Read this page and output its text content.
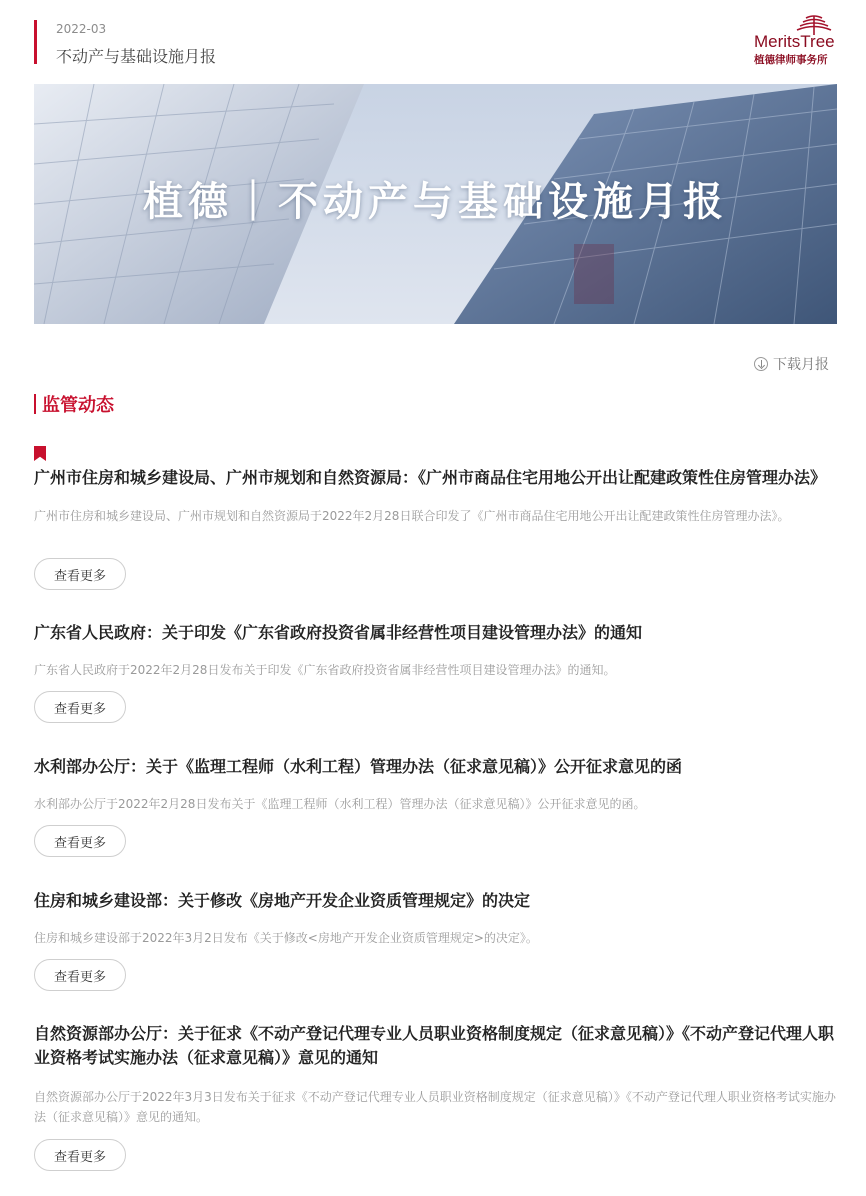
2022-03
不动产与基础设施月报
MeritsTree
植德律师事务所
植德｜不动产与基础设施月报
下载月报
监管动态
广州市住房和城乡建设局、广州市规划和自然资源局：《广州市商品住宅用地公开出让配建政策性住房管理办法》
广州市住房和城乡建设局、广州市规划和自然资源局于2022年2月28日联合印发了《广州市商品住宅用地公开出让配建政策性住房管理办法》。
查看更多
广东省人民政府：关于印发《广东省政府投资省属非经营性项目建设管理办法》的通知
广东省人民政府于2022年2月28日发布关于印发《广东省政府投资省属非经营性项目建设管理办法》的通知。
查看更多
水利部办公厅：关于《监理工程师（水利工程）管理办法（征求意见稿）》公开征求意见的函
水利部办公厅于2022年2月28日发布关于《监理工程师（水利工程）管理办法（征求意见稿）》公开征求意见的函。
查看更多
住房和城乡建设部：关于修改《房地产开发企业资质管理规定》的决定
住房和城乡建设部于2022年3月2日发布《关于修改<房地产开发企业资质管理规定>的决定》。
查看更多
自然资源部办公厅：关于征求《不动产登记代理专业人员职业资格制度规定（征求意见稿）》《不动产登记代理人职业资格考试实施办法（征求意见稿）》意见的通知
自然资源部办公厅于2022年3月3日发布关于征求《不动产登记代理专业人员职业资格制度规定（征求意见稿）》《不动产登记代理人职业资格考试实施办法（征求意见稿）》意见的通知。
查看更多
